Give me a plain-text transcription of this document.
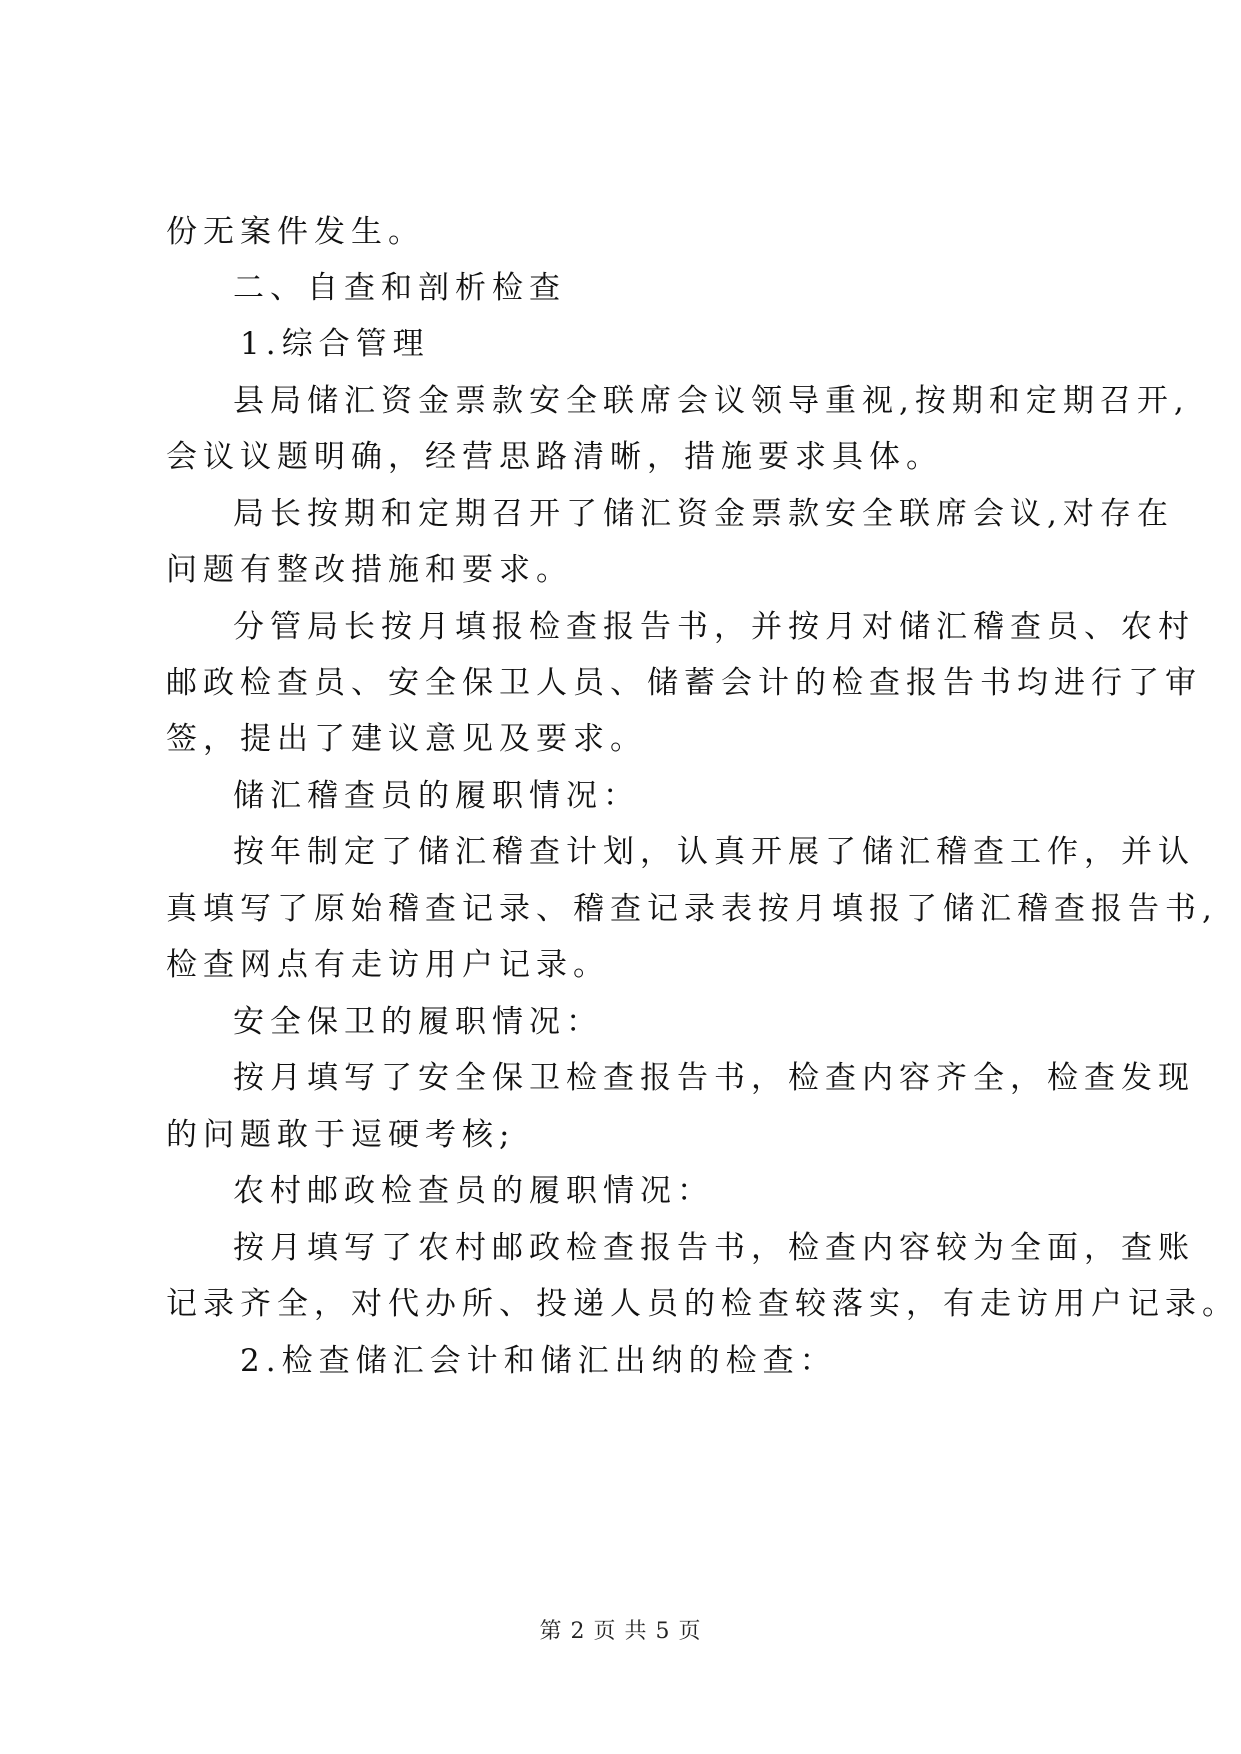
份无案件发生。
二、自查和剖析检查
1.综合管理
县局储汇资金票款安全联席会议领导重视,按期和定期召开,
会议议题明确，经营思路清晰，措施要求具体。
局长按期和定期召开了储汇资金票款安全联席会议,对存在
问题有整改措施和要求。
分管局长按月填报检查报告书，并按月对储汇稽查员、农村
邮政检查员、安全保卫人员、储蓄会计的检查报告书均进行了审
签，提出了建议意见及要求。
储汇稽查员的履职情况：
按年制定了储汇稽查计划，认真开展了储汇稽查工作，并认
真填写了原始稽查记录、稽查记录表按月填报了储汇稽查报告书,
检查网点有走访用户记录。
安全保卫的履职情况：
按月填写了安全保卫检查报告书，检查内容齐全，检查发现
的问题敢于逗硬考核;
农村邮政检查员的履职情况：
按月填写了农村邮政检查报告书，检查内容较为全面，查账
记录齐全，对代办所、投递人员的检查较落实，有走访用户记录。
2.检查储汇会计和储汇出纳的检查：
第 2 页 共 5 页
